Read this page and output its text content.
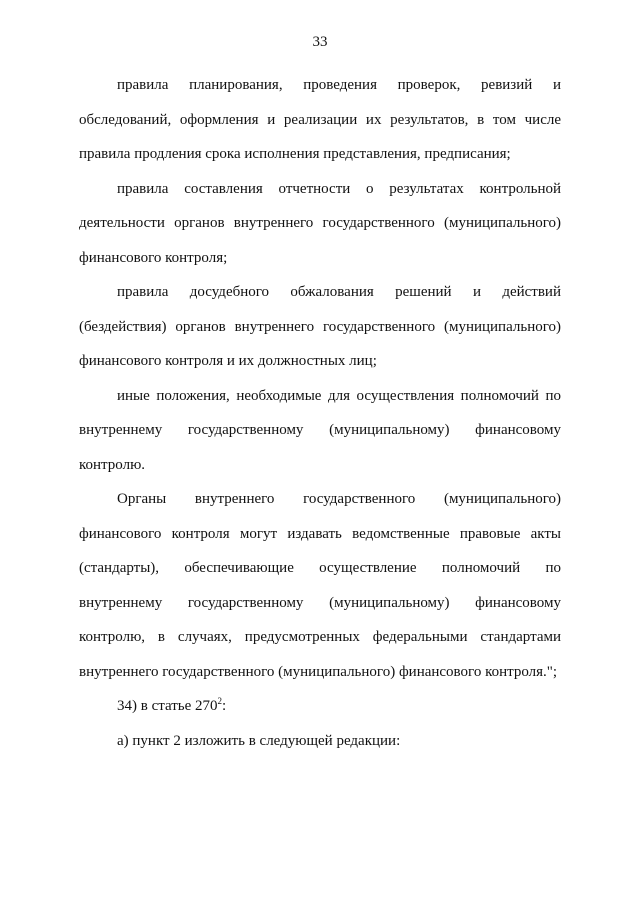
33

правила планирования, проведения проверок, ревизий и обследований, оформления и реализации их результатов, в том числе правила продления срока исполнения представления, предписания;

правила составления отчетности о результатах контрольной деятельности органов внутреннего государственного (муниципального) финансового контроля;

правила досудебного обжалования решений и действий (бездействия) органов внутреннего государственного (муниципального) финансового контроля и их должностных лиц;

иные положения, необходимые для осуществления полномочий по внутреннему государственному (муниципальному) финансовому контролю.

Органы внутреннего государственного (муниципального) финансового контроля могут издавать ведомственные правовые акты (стандарты), обеспечивающие осуществление полномочий по внутреннему государственному (муниципальному) финансовому контролю, в случаях, предусмотренных федеральными стандартами внутреннего государственного (муниципального) финансового контроля.";

34) в статье $270^2$:

а) пункт 2 изложить в следующей редакции:
